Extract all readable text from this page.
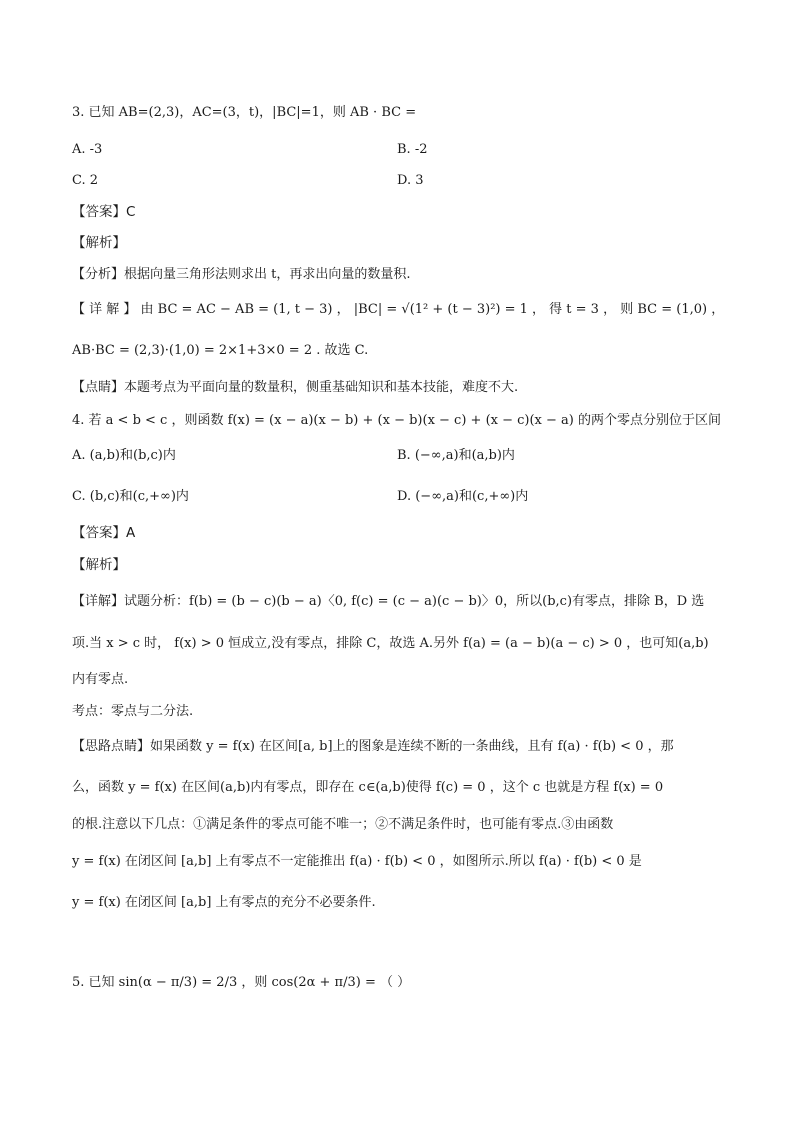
3. 已知 AB=(2,3)，AC=(3，t)，|BC|=1，则 AB · BC =
A. -3	B. -2
C. 2	D. 3
【答案】C
【解析】
【分析】根据向量三角形法则求出 t，再求出向量的数量积.
【 详 解 】 由 BC = AC − AB = (1, t − 3) ， |BC| = √(1² + (t − 3)²) = 1 ， 得 t = 3 ， 则 BC = (1,0) ，
AB·BC = (2,3)·(1,0) = 2×1+3×0 = 2 . 故选 C.
【点睛】本题考点为平面向量的数量积，侧重基础知识和基本技能，难度不大.
4. 若 a < b < c ，则函数 f(x) = (x − a)(x − b) + (x − b)(x − c) + (x − c)(x − a) 的两个零点分别位于区间
A. (a,b)和(b,c)内	B. (−∞,a)和(a,b)内
C. (b,c)和(c,+∞)内	D. (−∞,a)和(c,+∞)内
【答案】A
【解析】
【详解】试题分析：f(b) = (b − c)(b − a)〈0, f(c) = (c − a)(c − b)〉0，所以(b,c)有零点，排除 B，D 选
项.当 x > c 时， f(x) > 0 恒成立,没有零点，排除 C，故选 A.另外 f(a) = (a − b)(a − c) > 0 ，也可知(a,b)
内有零点.
考点：零点与二分法.
【思路点睛】如果函数 y = f(x) 在区间[a, b]上的图象是连续不断的一条曲线，且有 f(a) · f(b) < 0 ，那
么，函数 y = f(x) 在区间(a,b)内有零点，即存在 c∈(a,b)使得 f(c) = 0 ，这个 c 也就是方程 f(x) = 0
的根.注意以下几点：①满足条件的零点可能不唯一；②不满足条件时，也可能有零点.③由函数
y = f(x) 在闭区间 [a,b] 上有零点不一定能推出 f(a) · f(b) < 0 ，如图所示.所以 f(a) · f(b) < 0 是
y = f(x) 在闭区间 [a,b] 上有零点的充分不必要条件.
5. 已知 sin(α − π/3) = 2/3 ，则 cos(2α + π/3) = （ ）
